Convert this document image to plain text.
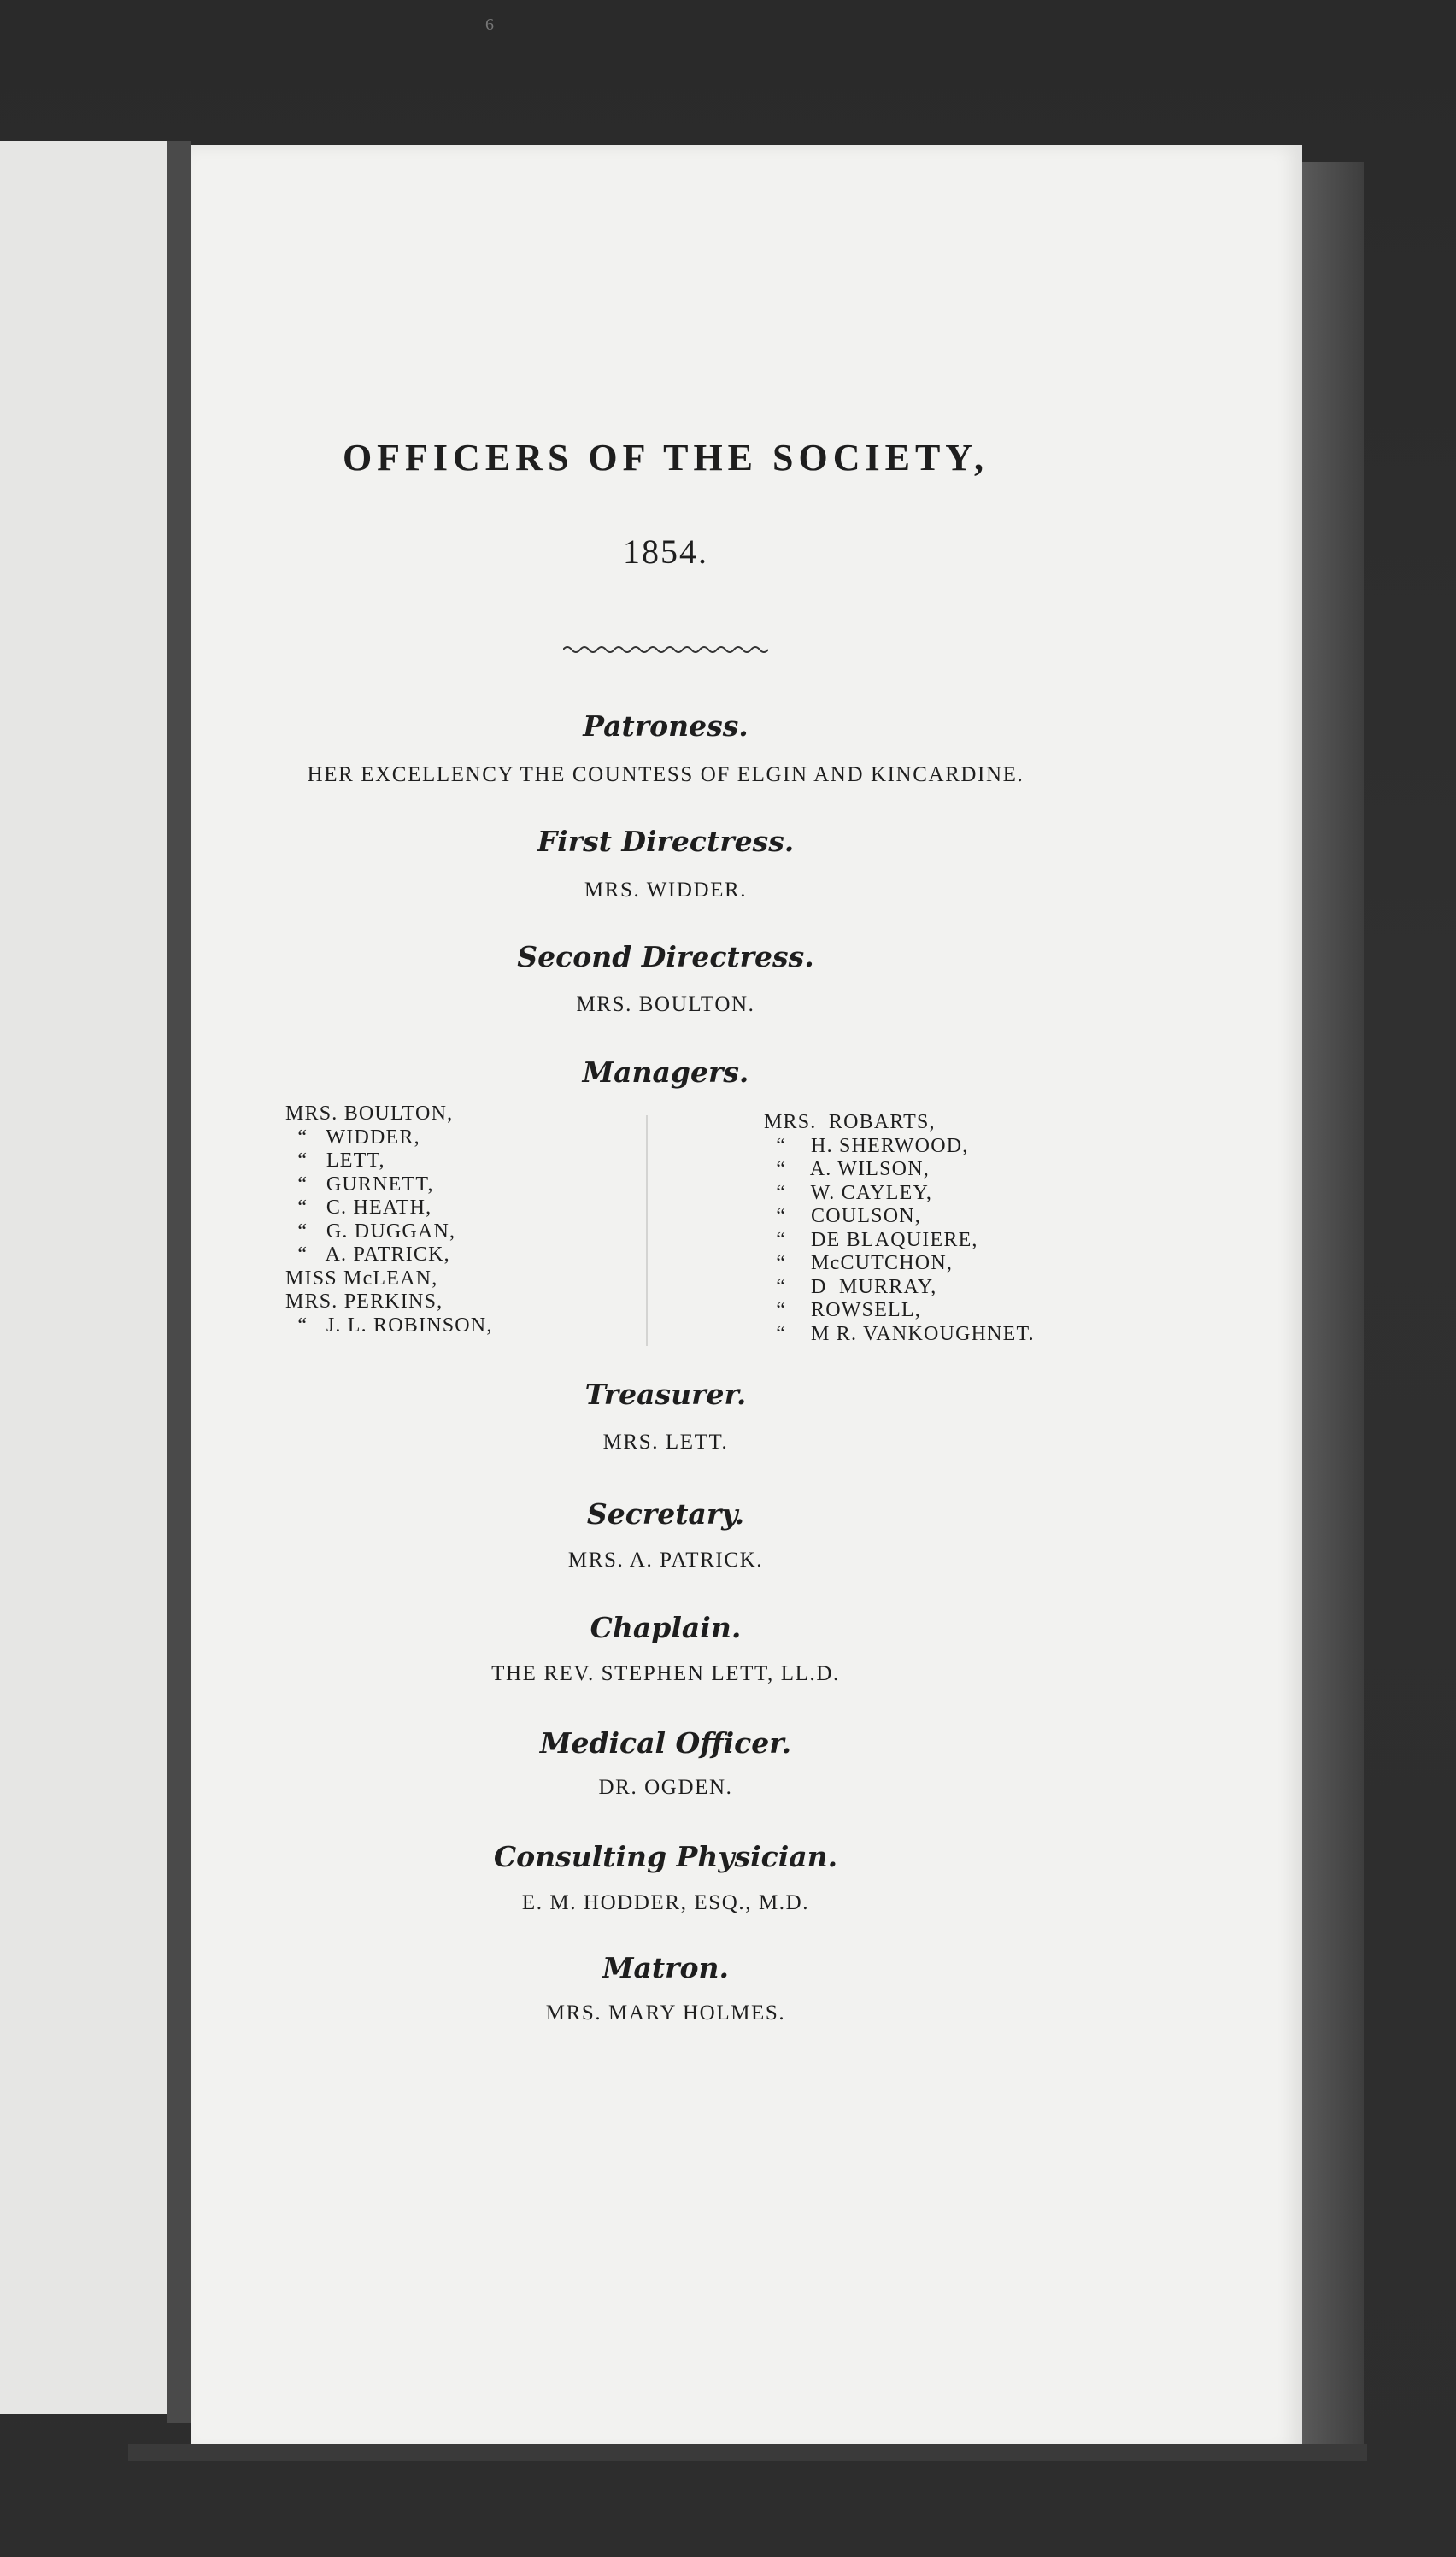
6
OFFICERS OF THE SOCIETY,
1854.
Patroness.
HER EXCELLENCY THE COUNTESS OF ELGIN AND KINCARDINE.
First Directress.
MRS. WIDDER.
Second Directress.
MRS. BOULTON.
Managers.
MRS. BOULTON,
“   WIDDER,
“   LETT,
“   GURNETT,
“   C. HEATH,
“   G. DUGGAN,
“   A. PATRICK,
MISS McLEAN,
MRS. PERKINS,
“   J. L. ROBINSON,
MRS.  ROBARTS,
“    H. SHERWOOD,
“    A. WILSON,
“    W. CAYLEY,
“    COULSON,
“    DE BLAQUIERE,
“    McCUTCHON,
“    D  MURRAY,
“    ROWSELL,
“    M R. VANKOUGHNET.
Treasurer.
MRS. LETT.
Secretary.
MRS. A. PATRICK.
Chaplain.
THE REV. STEPHEN LETT, LL.D.
Medical Officer.
DR. OGDEN.
Consulting Physician.
E. M. HODDER, ESQ., M.D.
Matron.
MRS. MARY HOLMES.
